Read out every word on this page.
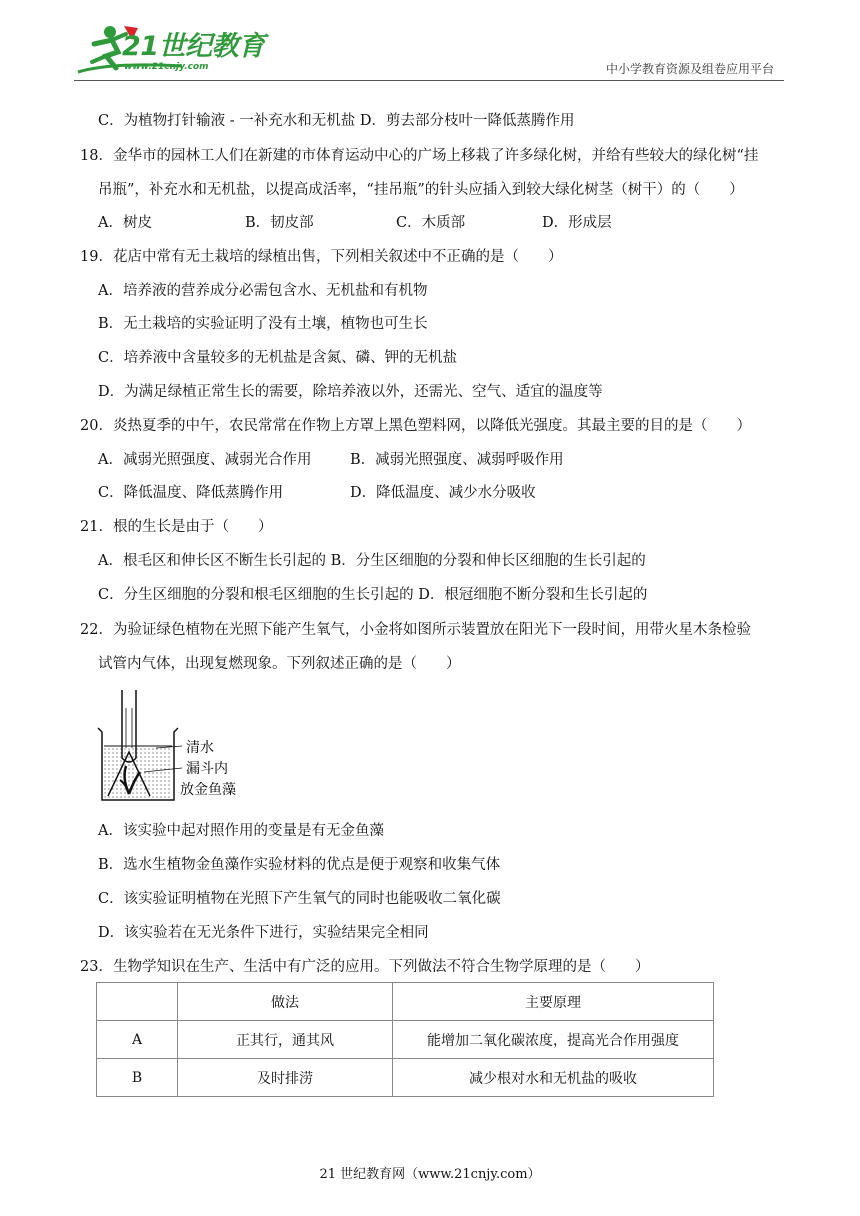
21世纪教育
www.21cnjy.com	中小学教育资源及组卷应用平台
C．为植物打针输液 - 一补充水和无机盐 D．剪去部分枝叶一降低蒸腾作用
18．金华市的园林工人们在新建的市体育运动中心的广场上移栽了许多绿化树，并给有些较大的绿化树“挂
吊瓶”，补充水和无机盐，以提高成活率，“挂吊瓶”的针头应插入到较大绿化树茎（树干）的（　　）
A．树皮	B．韧皮部	C．木质部	D．形成层
19．花店中常有无土栽培的绿植出售，下列相关叙述中不正确的是（　　）
A．培养液的营养成分必需包含水、无机盐和有机物
B．无土栽培的实验证明了没有土壤，植物也可生长
C．培养液中含量较多的无机盐是含氮、磷、钾的无机盐
D．为满足绿植正常生长的需要，除培养液以外，还需光、空气、适宜的温度等
20．炎热夏季的中午，农民常常在作物上方罩上黑色塑料网，以降低光强度。其最主要的目的是（　　）
A．减弱光照强度、减弱光合作用	B．减弱光照强度、减弱呼吸作用
C．降低温度、降低蒸腾作用	D．降低温度、减少水分吸收
21．根的生长是由于（　　）
A．根毛区和伸长区不断生长引起的 B．分生区细胞的分裂和伸长区细胞的生长引起的
C．分生区细胞的分裂和根毛区细胞的生长引起的 D．根冠细胞不断分裂和生长引起的
22．为验证绿色植物在光照下能产生氧气，小金将如图所示装置放在阳光下一段时间，用带火星木条检验
试管内气体，出现复燃现象。下列叙述正确的是（　　）
清水
漏斗内
放金鱼藻
A．该实验中起对照作用的变量是有无金鱼藻
B．选水生植物金鱼藻作实验材料的优点是便于观察和收集气体
C．该实验证明植物在光照下产生氧气的同时也能吸收二氧化碳
D．该实验若在无光条件下进行，实验结果完全相同
23．生物学知识在生产、生活中有广泛的应用。下列做法不符合生物学原理的是（　　）
	做法	主要原理
A	正其行，通其风	能增加二氧化碳浓度，提高光合作用强度
B	及时排涝	减少根对水和无机盐的吸收
21 世纪教育网（www.21cnjy.com）
